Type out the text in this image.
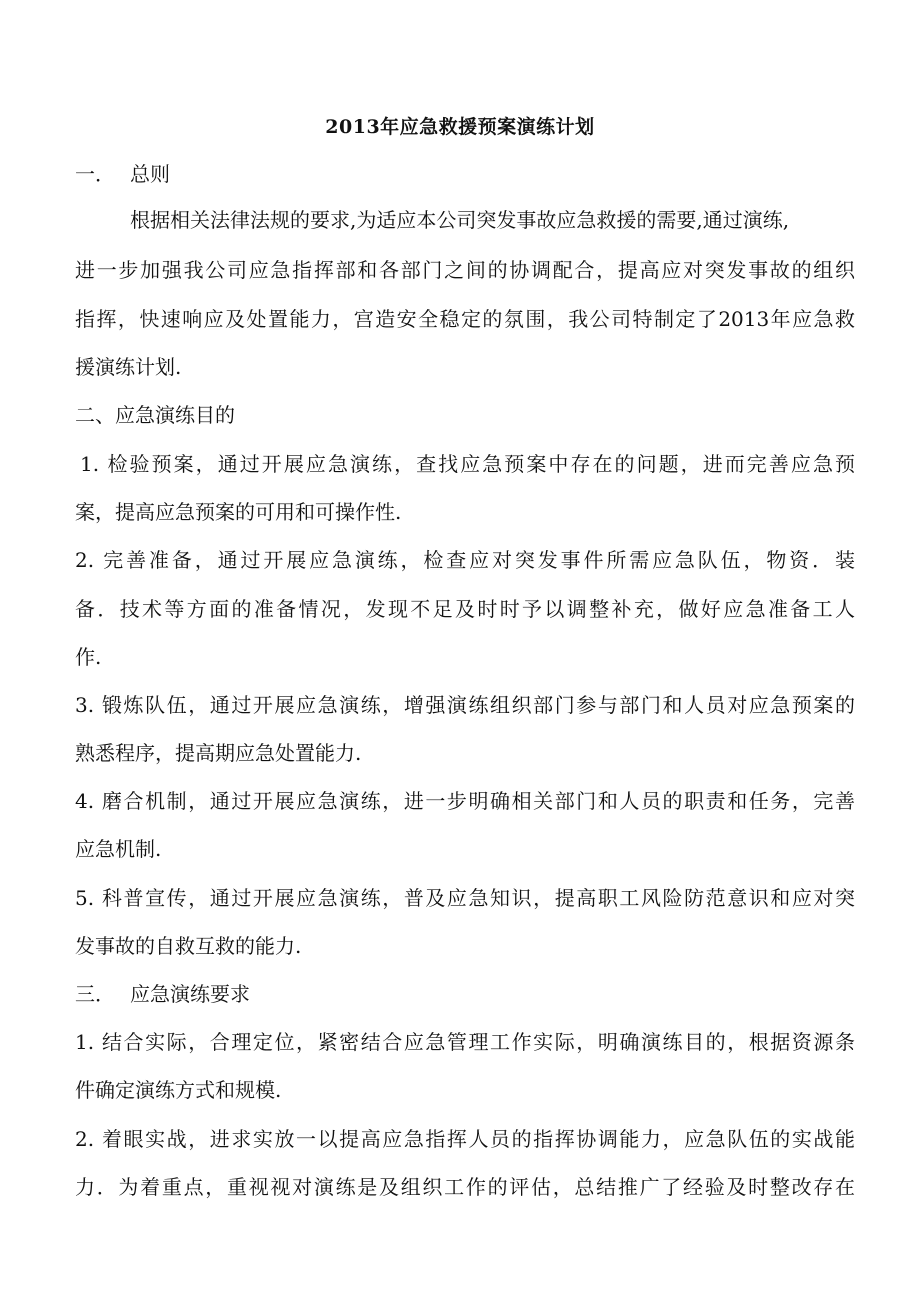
2013年应急救援预案演练计划
一． 总则
根据相关法律法规的要求,为适应本公司突发事故应急救援的需要,通过演练,
进一步加强我公司应急指挥部和各部门之间的协调配合，提高应对突发事故的组织
指挥，快速响应及处置能力，宫造安全稳定的氛围，我公司特制定了2013年应急救
援演练计划.
二、应急演练目的
1. 检验预案，通过开展应急演练，查找应急预案中存在的问题，进而完善应急预
案，提高应急预案的可用和可操作性.
2. 完善准备，通过开展应急演练，检查应对突发事件所需应急队伍，物资．装
备．技术等方面的准备情况，发现不足及时时予以调整补充，做好应急准备工人
作.
3. 锻炼队伍，通过开展应急演练，增强演练组织部门参与部门和人员对应急预案的
熟悉程序，提高期应急处置能力.
4. 磨合机制，通过开展应急演练，进一步明确相关部门和人员的职责和任务，完善
应急机制.
5. 科普宣传，通过开展应急演练，普及应急知识，提高职工风险防范意识和应对突
发事故的自救互救的能力.
三． 应急演练要求
1. 结合实际，合理定位，紧密结合应急管理工作实际，明确演练目的，根据资源条
件确定演练方式和规模.
2. 着眼实战，进求实放一以提高应急指挥人员的指挥协调能力，应急队伍的实战能
力．为着重点，重视视对演练是及组织工作的评估，总结推广了经验及时整改存在
